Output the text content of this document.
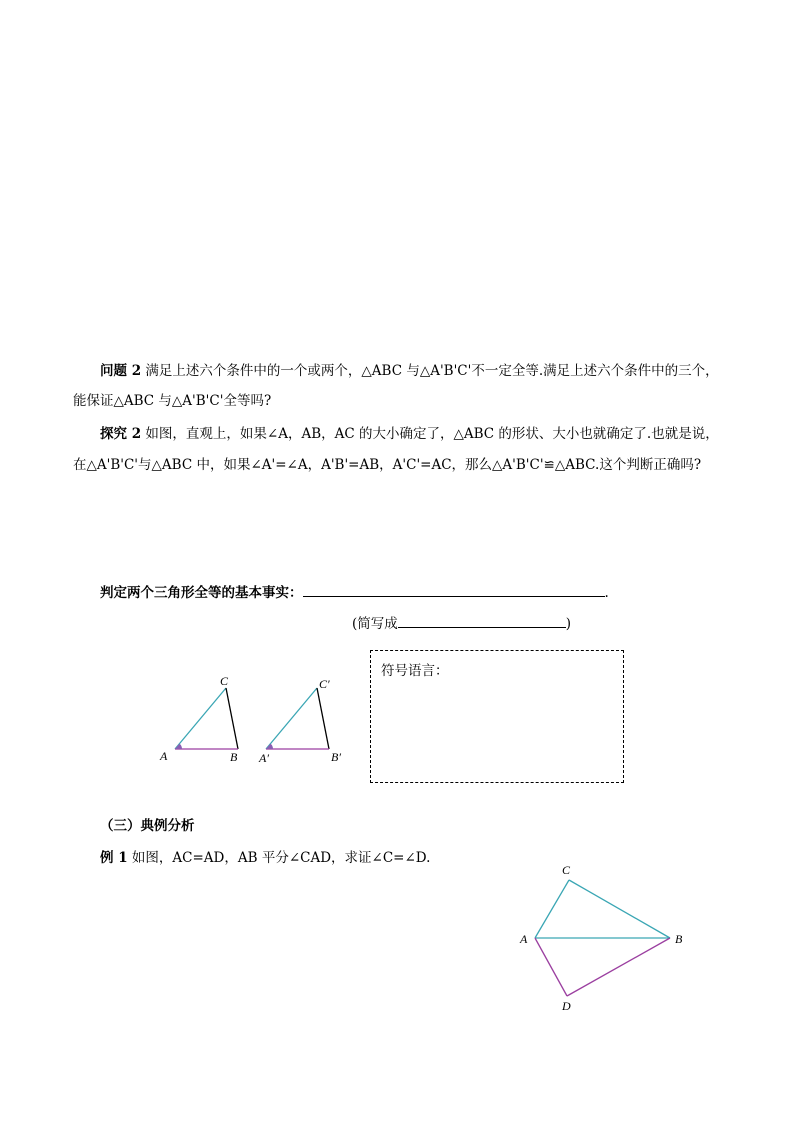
问题 2 满足上述六个条件中的一个或两个，△ABC 与△A'B'C'不一定全等.满足上述六个条件中的三个，
能保证△ABC 与△A'B'C'全等吗?
探究 2 如图，直观上，如果∠A，AB，AC 的大小确定了，△ABC 的形状、大小也就确定了.也就是说，
在△A'B'C'与△ABC 中，如果∠A'=∠A，A'B'=AB，A'C'=AC，那么△A'B'C'≌△ABC.这个判断正确吗?
判定两个三角形全等的基本事实：	.
(简写成	)
C
A	B
C′
A′	B′
符号语言：
（三）典例分析
例 1 如图，AC=AD，AB 平分∠CAD，求证∠C=∠D.
C
A	B
D
